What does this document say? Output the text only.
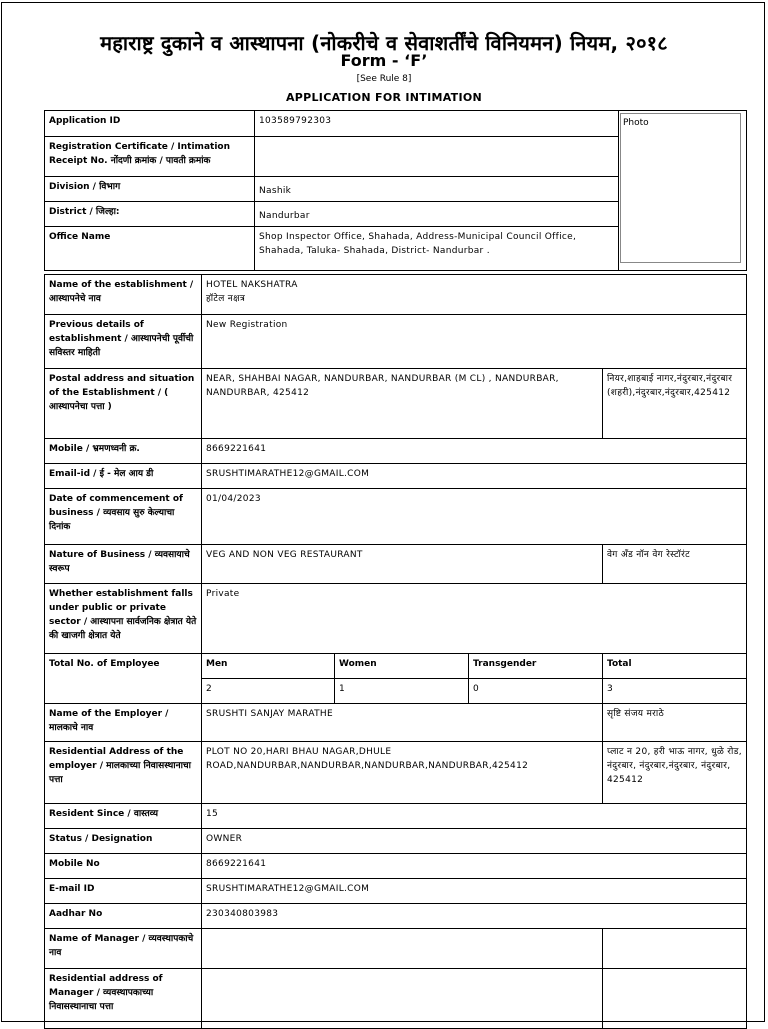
महाराष्ट्र दुकाने व आस्थापना (नोकरीचे व सेवाशर्तींचे विनियमन) नियम, २०१८
Form - ‘F’
[See Rule 8]
APPLICATION FOR INTIMATION
Application ID	103589792303	
Registration Certificate / Intimation Receipt No. नोंदणी क्रमांक / पावती क्रमांक		
Division / विभाग	Nashik	
District / जिल्हा:	Nandurbar	
Office Name	Shop Inspector Office, Shahada, Address-Municipal Council Office, Shahada, Taluka- Shahada, District- Nandurbar .	
Photo
Name of the establishment / आस्थापनेचे नाव	HOTEL NAKSHATRA
हॉटेल नक्षत्र			

Previous details of establishment / आस्थापनेची पूर्वीची सविस्तर माहिती	New Registration			
Postal address and situation of the Establishment / ( आस्थापनेचा पत्ता )	NEAR, SHAHBAI NAGAR, NANDURBAR, NANDURBAR (M CL) , NANDURBAR, NANDURBAR, 425412			नियर,शाहबाई नागर,नंदुरबार,नंदुरबार (शहरी),नंदुरबार,नंदुरबार,425412
Mobile / भ्रमणध्वनी क्र.	8669221641			
Email-id / ई - मेल आय डी	SRUSHTIMARATHE12@GMAIL.COM			
Date of commencement of business / व्यवसाय सुरु केल्याचा दिनांक	01/04/2023			
Nature of Business / व्यवसायाचे स्वरूप	VEG AND NON VEG RESTAURANT			वेग अँड नॉन वेग रेस्टॉरंट
Whether establishment falls under public or private sector / आस्थापना सार्वजनिक क्षेत्रात येते की खाजगी क्षेत्रात येते	Private			
Total No. of Employee	Men	Women	Transgender	Total
	2	1	0	3
Name of the Employer / मालकाचे नाव	SRUSHTI SANJAY MARATHE			सृष्टि संजय मराठे
Residential Address of the employer / मालकाच्या निवासस्थानाचा पत्ता	PLOT NO 20,HARI BHAU NAGAR,DHULE ROAD,NANDURBAR,NANDURBAR,NANDURBAR,NANDURBAR,425412			प्लाट न 20, हरी भाऊ नागर, धुळे रोड, नंदुरबार, नंदुरबार,नंदुरबार, नंदुरबार, 425412
Resident Since / वास्तव्य	15			
Status / Designation	OWNER			
Mobile No	8669221641			
E-mail ID	SRUSHTIMARATHE12@GMAIL.COM			
Aadhar No	230340803983			
Name of Manager / व्यवस्थापकाचे नाव				
Residential address of Manager / व्यवस्थापकाच्या निवासस्थानाचा पत्ता				
